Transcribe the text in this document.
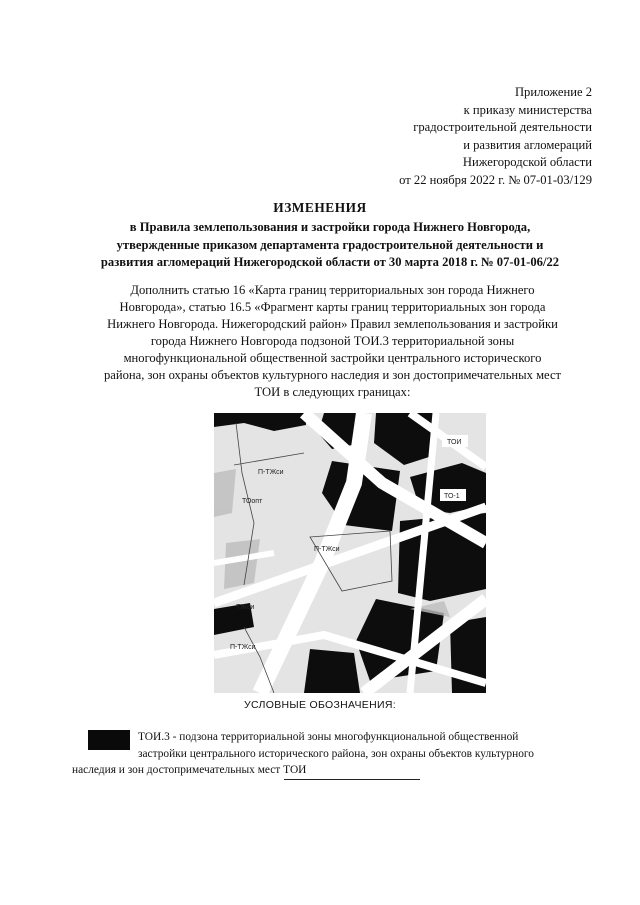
Приложение 2
к приказу министерства
градостроительной деятельности
и развития агломераций
Нижегородской области
от 22 ноября 2022 г. № 07-01-03/129
ИЗМЕНЕНИЯ
в Правила землепользования и застройки города Нижнего Новгорода,
утвержденные приказом департамента градостроительной деятельности и
развития агломераций Нижегородской области от 30 марта 2018 г. № 07-01-06/22
Дополнить статью 16 «Карта границ территориальных зон города Нижнего
Новгорода», статью 16.5 «Фрагмент карты границ территориальных зон города
Нижнего Новгорода. Нижегородский район» Правил землепользования и застройки
города Нижнего Новгорода подзоной ТОИ.3 территориальной зоны
многофункциональной общественной застройки центрального исторического
района, зон охраны объектов культурного наследия и зон достопримечательных мест
ТОИ в следующих границах:
ТОИ
П-ТЖси
ТО-1
ТОопт
П-ТЖси
ТЖси
П-ТЖси
УСЛОВНЫЕ ОБОЗНАЧЕНИЯ:
ТОИ.3 - подзона территориальной зоны многофункциональной общественной
застройки центрального исторического района, зон охраны объектов культурного
наследия и зон достопримечательных мест ТОИ
